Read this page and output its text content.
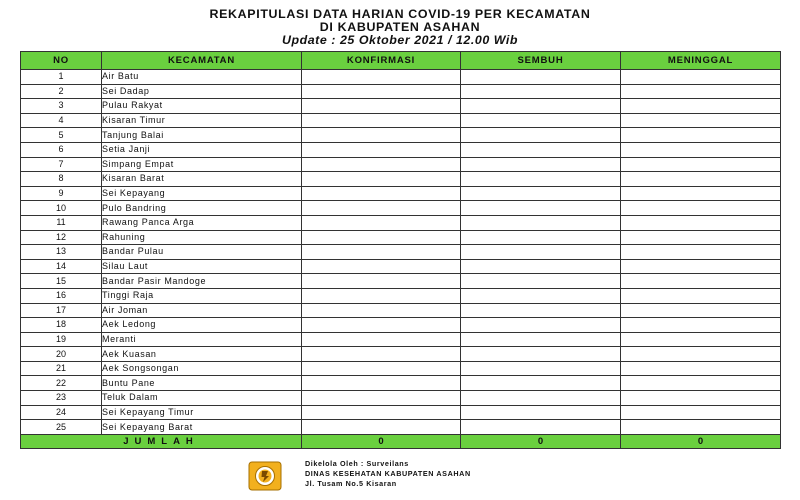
REKAPITULASI DATA HARIAN COVID-19 PER KECAMATAN
DI KABUPATEN ASAHAN
Update : 25 Oktober 2021 / 12.00 Wib
NO	KECAMATAN	KONFIRMASI	SEMBUH	MENINGGAL
1	Air Batu			
2	Sei Dadap			
3	Pulau Rakyat			
4	Kisaran Timur			
5	Tanjung Balai			
6	Setia Janji			
7	Simpang Empat			
8	Kisaran Barat			
9	Sei Kepayang			
10	Pulo Bandring			
11	Rawang Panca Arga			
12	Rahuning			
13	Bandar Pulau			
14	Silau Laut			
15	Bandar Pasir Mandoge			
16	Tinggi Raja			
17	Air Joman			
18	Aek Ledong			
19	Meranti			
20	Aek Kuasan			
21	Aek Songsongan			
22	Buntu Pane			
23	Teluk Dalam			
24	Sei Kepayang Timur			
25	Sei Kepayang Barat			
JUMLAH		0	0	0
Dikelola Oleh : Surveilans
DINAS KESEHATAN KABUPATEN ASAHAN
Jl. Tusam No.5 Kisaran
